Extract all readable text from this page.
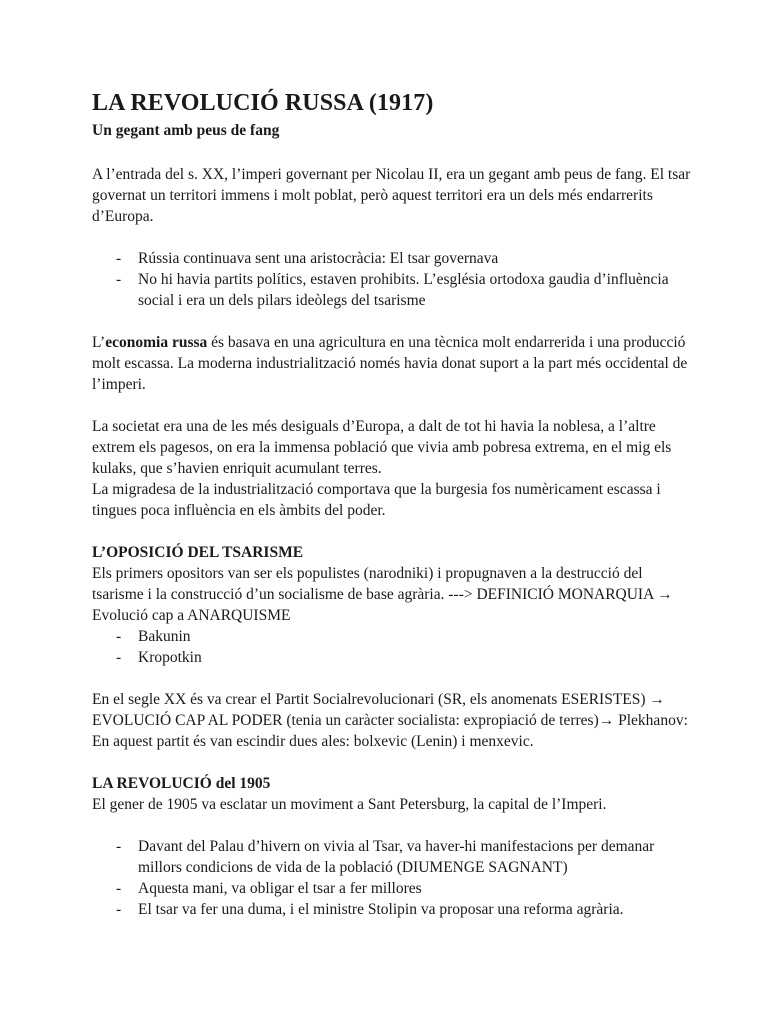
LA REVOLUCIÓ RUSSA (1917)
Un gegant amb peus de fang

A l’entrada del s. XX, l’imperi governant per Nicolau II, era un gegant amb peus de fang. El tsar governat un territori immens i molt poblat, però aquest territori era un dels més endarrerits d’Europa.

- Rússia continuava sent una aristocràcia: El tsar governava
- No hi havia partits polítics, estaven prohibits. L’església ortodoxa gaudia d’influència social i era un dels pilars ideòlegs del tsarisme

L’economia russa és basava en una agricultura en una tècnica molt endarrerida i una producció molt escassa. La moderna industrialització només havia donat suport a la part més occidental de l’imperi.

La societat era una de les més desiguals d’Europa, a dalt de tot hi havia la noblesa, a l’altre extrem els pagesos, on era la immensa població que vivia amb pobresa extrema, en el mig els kulaks, que s’havien enriquit acumulant terres.

La migradesa de la industrialització comportava que la burgesia fos numèricament escassa i tingues poca influència en els àmbits del poder.

L’OPOSICIÓ DEL TSARISME

Els primers opositors van ser els populistes (narodniki) i propugnaven a la destrucció del tsarisme i la construcció d’un socialisme de base agrària. ---> DEFINICIÓ MONARQUIA → Evolució cap a ANARQUISME

- Bakunin
- Kropotkin

En el segle XX és va crear el Partit Socialrevolucionari (SR, els anomenats ESERISTES) → EVOLUCIÓ CAP AL PODER (tenia un caràcter socialista: expropiació de terres)→ Plekhanov: En aquest partit és van escindir dues ales: bolxevic (Lenin) i menxevic.

LA REVOLUCIÓ del 1905

El gener de 1905 va esclatar un moviment a Sant Petersburg, la capital de l’Imperi.

- Davant del Palau d’hivern on vivia al Tsar, va haver-hi manifestacions per demanar millors condicions de vida de la població (DIUMENGE SAGNANT)
- Aquesta mani, va obligar el tsar a fer millores
- El tsar va fer una duma, i el ministre Stolipin va proposar una reforma agrària.
